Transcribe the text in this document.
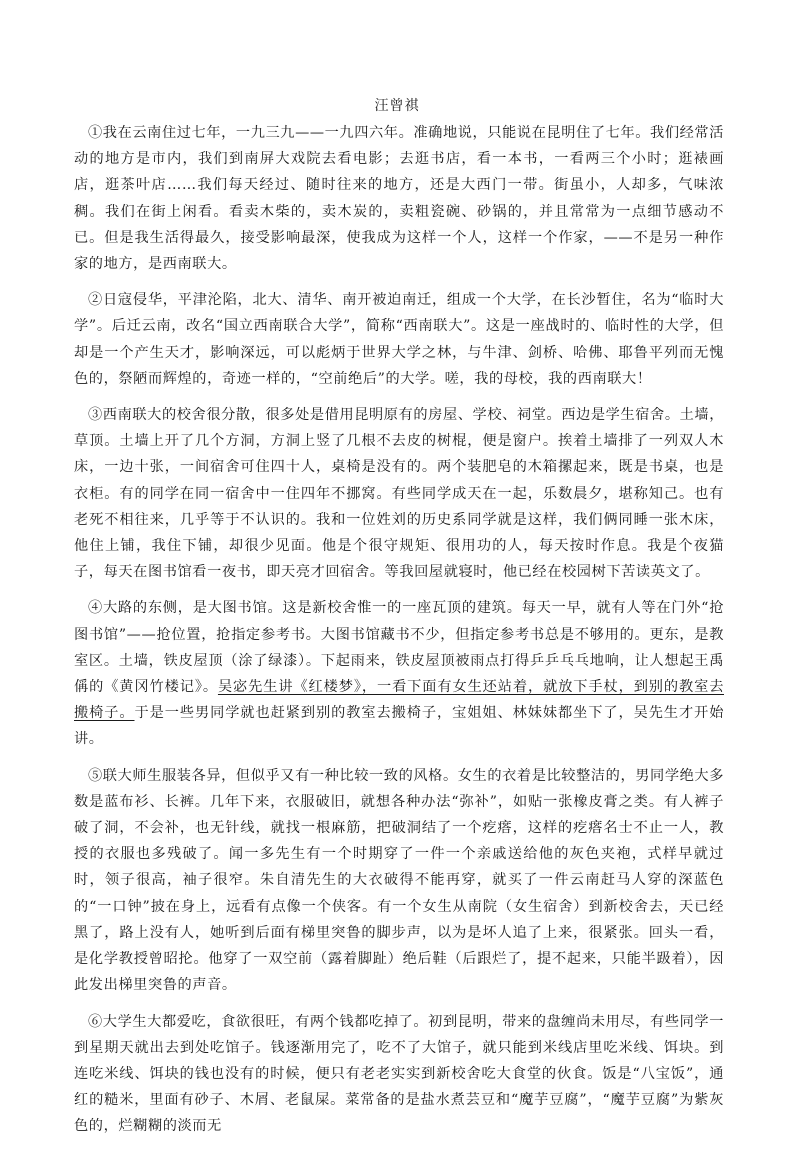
汪曾祺

①我在云南住过七年，一九三九——一九四六年。准确地说，只能说在昆明住了七年。我们经常活动的地方是市内，我们到南屏大戏院去看电影；去逛书店，看一本书，一看两三个小时；逛裱画店，逛茶叶店……我们每天经过、随时往来的地方，还是大西门一带。街虽小，人却多，气味浓稠。我们在街上闲看。看卖木柴的，卖木炭的，卖粗瓷碗、砂锅的，并且常常为一点细节感动不已。但是我生活得最久，接受影响最深，使我成为这样一个人，这样一个作家，——不是另一种作家的地方，是西南联大。

②日寇侵华，平津沦陷，北大、清华、南开被迫南迁，组成一个大学，在长沙暂住，名为“临时大学”。后迁云南，改名“国立西南联合大学”，简称“西南联大”。这是一座战时的、临时性的大学，但却是一个产生天才，影响深远，可以彪炳于世界大学之林，与牛津、剑桥、哈佛、耶鲁平列而无愧色的，祭陋而辉煌的，奇迹一样的，“空前绝后”的大学。嗟，我的母校，我的西南联大！

③西南联大的校舍很分散，很多处是借用昆明原有的房屋、学校、祠堂。西边是学生宿舍。土墙，草顶。土墙上开了几个方洞，方洞上竖了几根不去皮的树棍，便是窗户。挨着土墙排了一列双人木床，一边十张，一间宿舍可住四十人，桌椅是没有的。两个装肥皂的木箱摞起来，既是书桌，也是衣柜。有的同学在同一宿舍中一住四年不挪窝。有些同学成天在一起，乐数晨夕，堪称知己。也有老死不相往来，几乎等于不认识的。我和一位姓刘的历史系同学就是这样，我们俩同睡一张木床，他住上铺，我住下铺，却很少见面。他是个很守规矩、很用功的人，每天按时作息。我是个夜猫子，每天在图书馆看一夜书，即天亮才回宿舍。等我回屋就寝时，他已经在校园树下苦读英文了。

④大路的东侧，是大图书馆。这是新校舍惟一的一座瓦顶的建筑。每天一早，就有人等在门外“抢图书馆”——抢位置，抢指定参考书。大图书馆藏书不少，但指定参考书总是不够用的。更东，是教室区。土墙，铁皮屋顶（涂了绿漆）。下起雨来，铁皮屋顶被雨点打得乒乒乓乓地响，让人想起王禹偁的《黄冈竹楼记》。吴宓先生讲《红楼梦》，一看下面有女生还站着，就放下手杖，到别的教室去搬椅子。于是一些男同学就也赶紧到别的教室去搬椅子，宝姐姐、林妹妹都坐下了，吴先生才开始讲。

⑤联大师生服装各异，但似乎又有一种比较一致的风格。女生的衣着是比较整洁的，男同学绝大多数是蓝布衫、长裤。几年下来，衣服破旧，就想各种办法“弥补”，如贴一张橡皮膏之类。有人裤子破了洞，不会补，也无针线，就找一根麻筋，把破洞结了一个疙瘩，这样的疙瘩名士不止一人，教授的衣服也多残破了。闻一多先生有一个时期穿了一件一个亲戚送给他的灰色夹袍，式样早就过时，领子很高，袖子很窄。朱自清先生的大衣破得不能再穿，就买了一件云南赶马人穿的深蓝色的“一口钟”披在身上，远看有点像一个侠客。有一个女生从南院（女生宿舍）到新校舍去，天已经黑了，路上没有人，她听到后面有梯里突鲁的脚步声，以为是坏人追了上来，很紧张。回头一看，是化学教授曾昭抡。他穿了一双空前（露着脚趾）绝后鞋（后跟烂了，提不起来，只能半趿着），因此发出梯里突鲁的声音。

⑥大学生大都爱吃，食欲很旺，有两个钱都吃掉了。初到昆明，带来的盘缠尚未用尽，有些同学一到星期天就出去到处吃馆子。钱逐渐用完了，吃不了大馆子，就只能到米线店里吃米线、饵块。到连吃米线、饵块的钱也没有的时候，便只有老老实实到新校舍吃大食堂的伙食。饭是“八宝饭”，通红的糙米，里面有砂子、木屑、老鼠屎。菜常备的是盐水煮芸豆和“魔芋豆腐”，“魔芋豆腐”为紫灰色的，烂糊糊的淡而无
